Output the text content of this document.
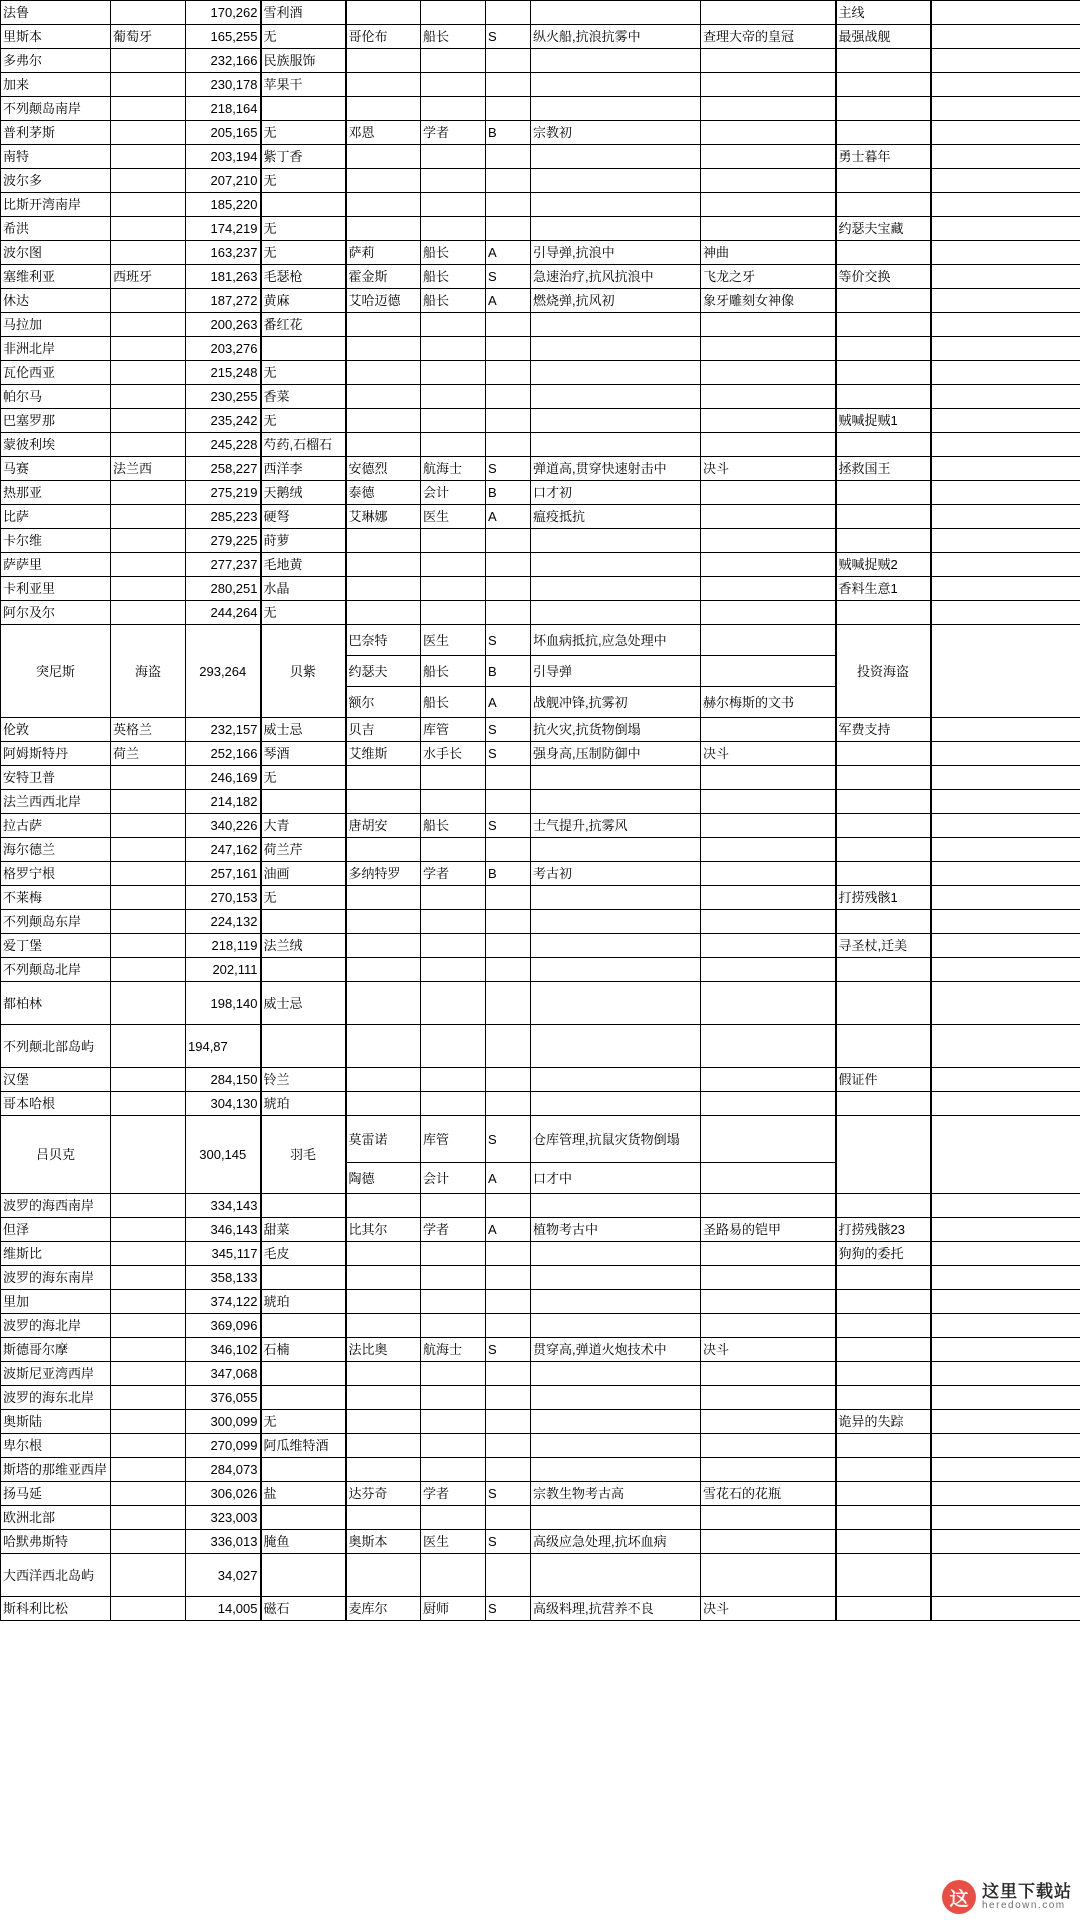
法鲁		170,262	雪利酒						主线	
里斯本	葡萄牙	165,255	无	哥伦布	船长	S	纵火船,抗浪抗雾中	查理大帝的皇冠	最强战舰	
多弗尔		232,166	民族服饰							
加来		230,178	苹果干							
不列颠岛南岸		218,164								
普利茅斯		205,165	无	邓恩	学者	B	宗教初			
南特		203,194	紫丁香						勇士暮年	
波尔多		207,210	无							
比斯开湾南岸		185,220								
希洪		174,219	无						约瑟夫宝藏	
波尔图		163,237	无	萨莉	船长	A	引导弹,抗浪中	神曲		
塞维利亚	西班牙	181,263	毛瑟枪	霍金斯	船长	S	急速治疗,抗风抗浪中	飞龙之牙	等价交换	
休达		187,272	黄麻	艾哈迈德	船长	A	燃烧弹,抗风初	象牙雕刻女神像		
马拉加		200,263	番红花							
非洲北岸		203,276								
瓦伦西亚		215,248	无							
帕尔马		230,255	香菜							
巴塞罗那		235,242	无						贼喊捉贼1	
蒙彼利埃		245,228	芍药,石榴石							
马赛	法兰西	258,227	西洋李	安德烈	航海士	S	弹道高,贯穿快速射击中	决斗	拯救国王	
热那亚		275,219	天鹅绒	泰德	会计	B	口才初			
比萨		285,223	硬弩	艾琳娜	医生	A	瘟疫抵抗			
卡尔维		279,225	莳萝							
萨萨里		277,237	毛地黄						贼喊捉贼2	
卡利亚里		280,251	水晶						香料生意1	
阿尔及尔		244,264	无							
突尼斯	海盗	293,264	贝紫	巴奈特	医生	S	坏血病抵抗,应急处理中		投资海盗	
				约瑟夫	船长	B	引导弹			
				额尔	船长	A	战舰冲锋,抗雾初	赫尔梅斯的文书		
伦敦	英格兰	232,157	威士忌	贝吉	库管	S	抗火灾,抗货物倒塌		军费支持	
阿姆斯特丹	荷兰	252,166	琴酒	艾维斯	水手长	S	强身高,压制防御中	决斗		
安特卫普		246,169	无							
法兰西西北岸		214,182								
拉古萨		340,226	大青	唐胡安	船长	S	士气提升,抗雾风			
海尔德兰		247,162	荷兰芹							
格罗宁根		257,161	油画	多纳特罗	学者	B	考古初			
不莱梅		270,153	无						打捞残骸1	
不列颠岛东岸		224,132								
爱丁堡		218,119	法兰绒						寻圣杖,迁美	
不列颠岛北岸		202,111								
都柏林		198,140	威士忌							
不列颠北部岛屿		194,87								
汉堡		284,150	铃兰						假证件	
哥本哈根		304,130	琥珀							
吕贝克		300,145	羽毛	莫雷诺	库管	S	仓库管理,抗鼠灾货物倒塌			
				陶德	会计	A	口才中			
波罗的海西南岸		334,143								
但泽		346,143	甜菜	比其尔	学者	A	植物考古中	圣路易的铠甲	打捞残骸23	
维斯比		345,117	毛皮						狗狗的委托	
波罗的海东南岸		358,133								
里加		374,122	琥珀							
波罗的海北岸		369,096								
斯德哥尔摩		346,102	石楠	法比奥	航海士	S	贯穿高,弹道火炮技术中	决斗		
波斯尼亚湾西岸		347,068								
波罗的海东北岸		376,055								
奥斯陆		300,099	无						诡异的失踪	
卑尔根		270,099	阿瓜维特酒							
斯塔的那维亚西岸		284,073								
扬马延		306,026	盐	达芬奇	学者	S	宗教生物考古高	雪花石的花瓶		
欧洲北部		323,003								
哈默弗斯特		336,013	腌鱼	奥斯本	医生	S	高级应急处理,抗坏血病			
大西洋西北岛屿		34,027								
斯科利比松		14,005	磁石	麦库尔	厨师	S	高级料理,抗营养不良	决斗		
这 这里下载站
heredown.com
